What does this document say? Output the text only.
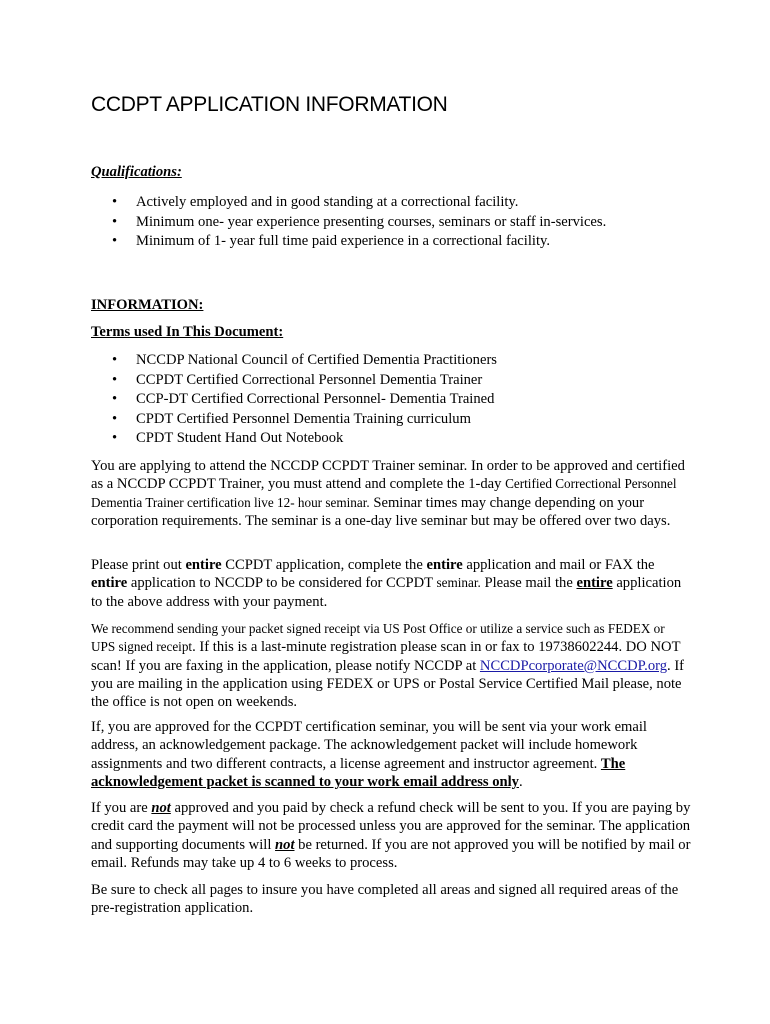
CCDPT APPLICATION INFORMATION
Qualifications:
• Actively employed and in good standing at a correctional facility.
• Minimum one- year experience presenting courses, seminars or staff in-services.
• Minimum of 1- year full time paid experience in a correctional facility.
INFORMATION:
Terms used In This Document:
• NCCDP National Council of Certified Dementia Practitioners
• CCPDT Certified Correctional Personnel Dementia Trainer
• CCP-DT Certified Correctional Personnel- Dementia Trained
• CPDT Certified Personnel Dementia Training curriculum
• CPDT Student Hand Out Notebook

You are applying to attend the NCCDP CCPDT Trainer seminar. In order to be approved and certified as a NCCDP CCPDT Trainer, you must attend and complete the 1-day Certified Correctional Personnel Dementia Trainer certification live 12- hour seminar. Seminar times may change depending on your corporation requirements. The seminar is a one-day live seminar but may be offered over two days.

Please print out entire CCPDT application, complete the entire application and mail or FAX the entire application to NCCDP to be considered for CCPDT seminar. Please mail the entire application to the above address with your payment.

We recommend sending your packet signed receipt via US Post Office or utilize a service such as FEDEX or UPS signed receipt. If this is a last-minute registration please scan in or fax to 19738602244. DO NOT scan! If you are faxing in the application, please notify NCCDP at NCCDPcorporate@NCCDP.org. If you are mailing in the application using FEDEX or UPS or Postal Service Certified Mail please, note the office is not open on weekends.

If, you are approved for the CCPDT certification seminar, you will be sent via your work email address, an acknowledgement package. The acknowledgement packet will include homework assignments and two different contracts, a license agreement and instructor agreement. The acknowledgement packet is scanned to your work email address only.

If you are not approved and you paid by check a refund check will be sent to you. If you are paying by credit card the payment will not be processed unless you are approved for the seminar. The application and supporting documents will not be returned. If you are not approved you will be notified by mail or email. Refunds may take up 4 to 6 weeks to process.

Be sure to check all pages to insure you have completed all areas and signed all required areas of the pre-registration application.
